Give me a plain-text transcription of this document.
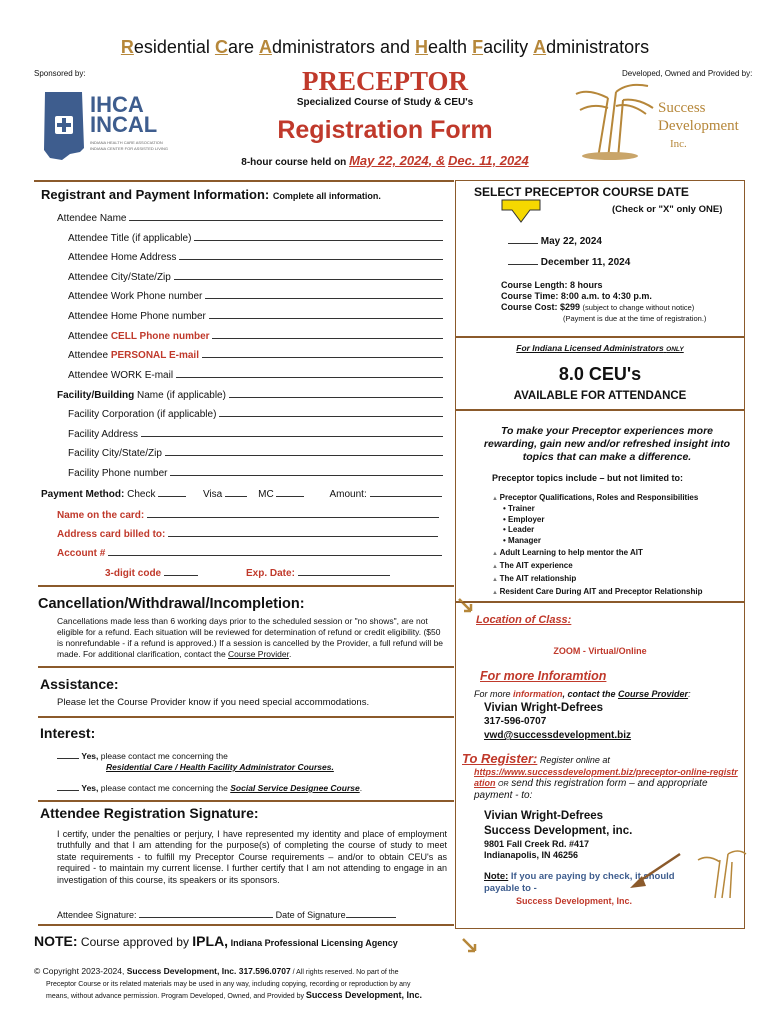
Residential Care Administrators and Health Facility Administrators
Sponsored by:	Developed, Owned and Provided by:
PRECEPTOR
Specialized Course of Study & CEU's
Registration Form
8-hour course held on May 22, 2024, & Dec. 11, 2024
IHCA
INCAL
INDIANA HEALTH CARE ASSOCIATION
INDIANA CENTER FOR ASSISTED LIVING
Success
Development
Inc.
Registrant and Payment Information: Complete all information.
Attendee Name
Attendee Title (if applicable)
Attendee Home Address
Attendee City/State/Zip
Attendee Work Phone number
Attendee Home Phone number
Attendee CELL Phone number
Attendee PERSONAL E-mail
Attendee WORK E-mail
Facility/Building Name (if applicable)
Facility Corporation (if applicable)
Facility Address
Facility City/State/Zip
Facility Phone number
Payment Method: Check	Visa	MC	Amount:
Name on the card:
Address card billed to:
Account #
3-digit code	Exp. Date:
Cancellation/Withdrawal/Incompletion:
Cancellations made less than 6 working days prior to the scheduled session or "no shows", are not eligible for a refund. Each situation will be reviewed for determination of refund or credit eligibility. ($50 is nonrefundable - if a refund is approved.) If a session is cancelled by the Provider, a full refund will be made. For additional clarification, contact the Course Provider.
Assistance:
Please let the Course Provider know if you need special accommodations.
Interest:
Yes, please contact me concerning the
Residential Care / Health Facility Administrator Courses.
Yes, please contact me concerning the Social Service Designee Course.
Attendee Registration Signature:
I certify, under the penalties or perjury, I have represented my identity and place of employment truthfully and that I am attending for the purpose(s) of completing the course of study to meet state requirements - to fulfill my Preceptor Course requirements – and/or to obtain CEU's as required - to maintain my current license. I further certify that I am not attending to engage in an investigation of this course, its speakers or its sponsors.
Attendee Signature:	Date of Signature
NOTE: Course approved by IPLA, Indiana Professional Licensing Agency
© Copyright 2023-2024, Success Development, Inc. 317.596.0707 / All rights reserved. No part of the
Preceptor Course or its related materials may be used in any way, including copying, recording or reproduction by any
means, without advance permission. Program Developed, Owned, and Provided by Success Development, Inc.
SELECT PRECEPTOR COURSE DATE
(Check or "X" only ONE)
May 22, 2024
December 11, 2024
Course Length: 8 hours
Course Time: 8:00 a.m. to 4:30 p.m.
Course Cost: $299 (subject to change without notice)
(Payment is due at the time of registration.)
For Indiana Licensed Administrators ONLY
8.0 CEU's
AVAILABLE FOR ATTENDANCE
To make your Preceptor experiences more rewarding, gain new and/or refreshed insight into topics that can make a difference.
Preceptor topics include – but not limited to:
▲ Preceptor Qualifications, Roles and Responsibilities
▲ Adult Learning to help mentor the AIT
▲ The AIT experience
▲ The AIT relationship
▲ Resident Care During AIT and Preceptor Relationship
• Trainer
• Employer
• Leader
• Manager
Location of Class:
ZOOM - Virtual/Online
For more Inforamtion
For more information, contact the Course Provider:
Vivian Wright-Defrees
317-596-0707
vwd@successdevelopment.biz
To Register: Register online at
https://www.successdevelopment.biz/preceptor-online-registration OR send this registration form – and appropriate payment - to:
Vivian Wright-Defrees
Success Development, inc.
9801 Fall Creek Rd. #417
Indianapolis, IN 46256
Note: If you are paying by check, it should payable to -
Success Development, Inc.
